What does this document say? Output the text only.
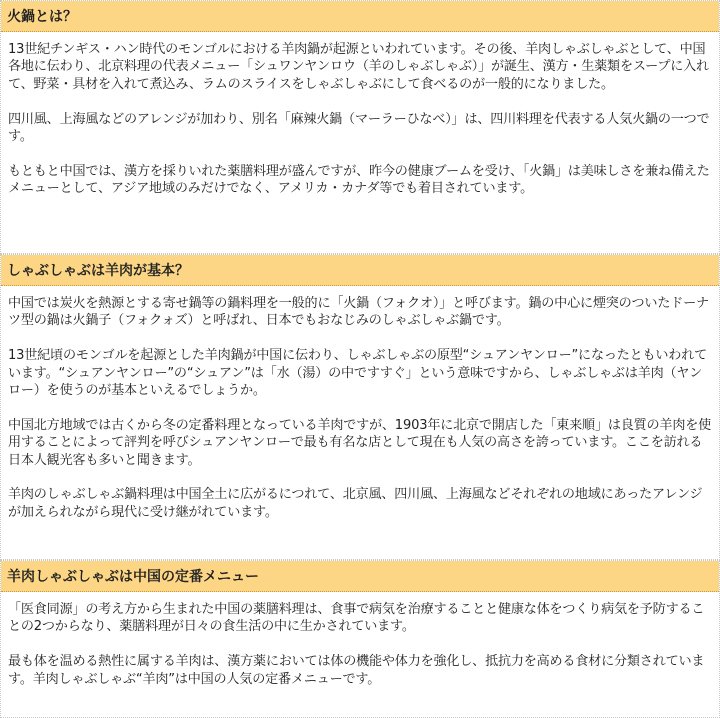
火鍋とは？

13世紀チンギス・ハン時代のモンゴルにおける羊肉鍋が起源といわれています。その後、羊肉しゃぶしゃぶとして、中国各地に伝わり、北京料理の代表メニュー「シュワンヤンロウ（羊のしゃぶしゃぶ）」が誕生、漢方・生薬類をスープに入れて、野菜・具材を入れて煮込み、ラムのスライスをしゃぶしゃぶにして食べるのが一般的になりました。

四川風、上海風などのアレンジが加わり、別名「麻辣火鍋（マーラーひなべ）」は、四川料理を代表する人気火鍋の一つです。

もともと中国では、漢方を採りいれた薬膳料理が盛んですが、昨今の健康ブームを受け、「火鍋」は美味しさを兼ね備えたメニューとして、アジア地域のみだけでなく、アメリカ・カナダ等でも着目されています。

しゃぶしゃぶは羊肉が基本？

中国では炭火を熱源とする寄せ鍋等の鍋料理を一般的に「火鍋（フォクオ）」と呼びます。鍋の中心に煙突のついたドーナツ型の鍋は火鍋子（フォクォズ）と呼ばれ、日本でもおなじみのしゃぶしゃぶ鍋です。

13世紀頃のモンゴルを起源とした羊肉鍋が中国に伝わり、しゃぶしゃぶの原型“シュアンヤンロー”になったともいわれています。“シュアンヤンロー”の“シュアン”は「水（湯）の中ですすぐ」という意味ですから、しゃぶしゃぶは羊肉（ヤンロー）を使うのが基本といえるでしょうか。

中国北方地域では古くから冬の定番料理となっている羊肉ですが、1903年に北京で開店した「東来順」は良質の羊肉を使用することによって評判を呼びシュアンヤンローで最も有名な店として現在も人気の高さを誇っています。ここを訪れる日本人観光客も多いと聞きます。

羊肉のしゃぶしゃぶ鍋料理は中国全土に広がるにつれて、北京風、四川風、上海風などそれぞれの地域にあったアレンジが加えられながら現代に受け継がれています。

羊肉しゃぶしゃぶは中国の定番メニュー

「医食同源」の考え方から生まれた中国の薬膳料理は、食事で病気を治療することと健康な体をつくり病気を予防することの2つからなり、薬膳料理が日々の食生活の中に生かされています。

最も体を温める熱性に属する羊肉は、漢方薬においては体の機能や体力を強化し、抵抗力を高める食材に分類されています。羊肉しゃぶしゃぶ“羊肉”は中国の人気の定番メニューです。
